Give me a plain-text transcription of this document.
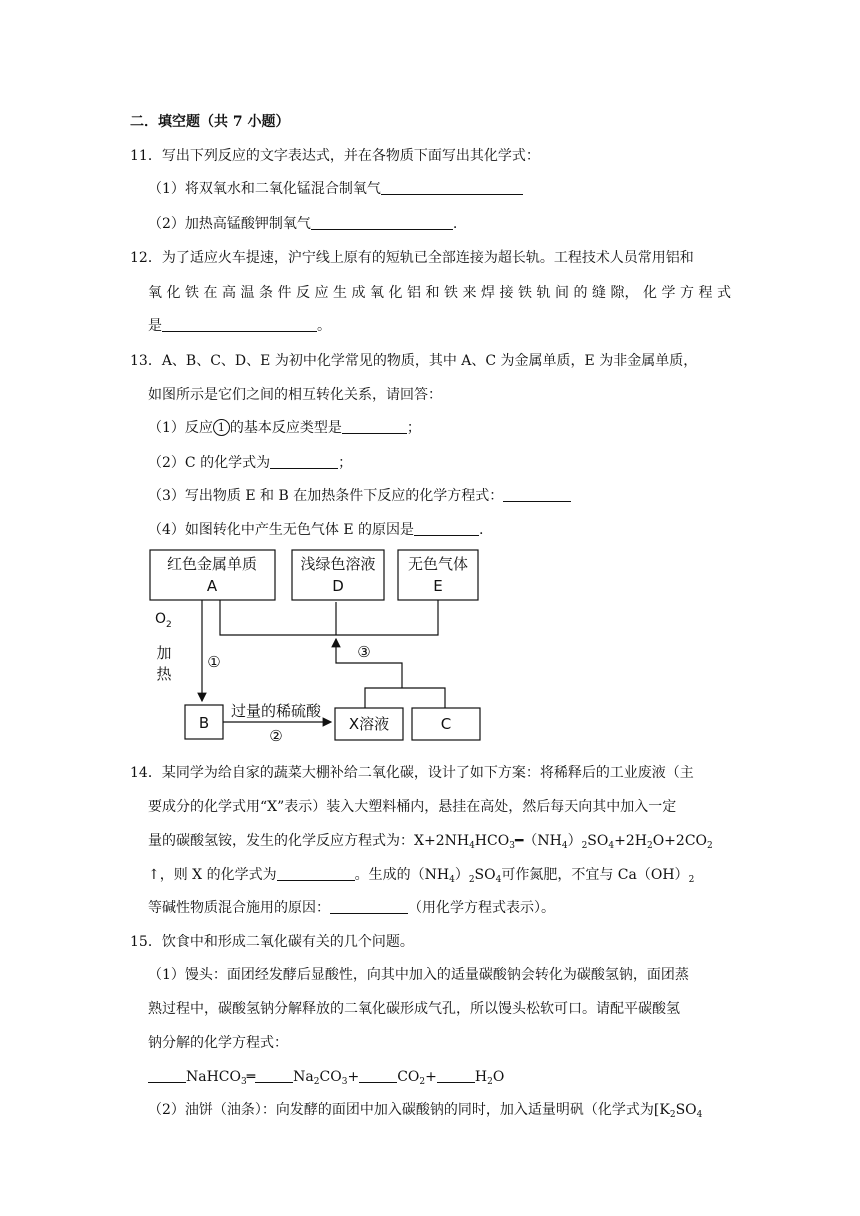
二．填空题（共 7 小题）
11．写出下列反应的文字表达式，并在各物质下面写出其化学式：
（1）将双氧水和二氧化锰混合制氧气
（2）加热高锰酸钾制氧气	.
12．为了适应火车提速，沪宁线上原有的短轨已全部连接为超长轨。工程技术人员常用铝和
氧 化 铁 在 高 温 条 件 反 应 生 成 氧 化 铝 和 铁 来 焊 接 铁 轨 间 的 缝 隙， 化 学 方 程 式
是	。
13．A、B、C、D、E 为初中化学常见的物质，其中 A、C 为金属单质，E 为非金属单质，
如图所示是它们之间的相互转化关系，请回答：
（1）反应 1 的基本反应类型是	；
（2）C 的化学式为	；
（3）写出物质 E 和 B 在加热条件下反应的化学方程式：
（4）如图转化中产生无色气体 E 的原因是	.
红色金属单质
A
浅绿色溶液
D
无色气体
E
B	X溶液	C
过量的稀硫酸
加
热
①
②
③
$O_2$
14．某同学为给自家的蔬菜大棚补给二氧化碳，设计了如下方案：将稀释后的工业废液（主
要成分的化学式用“X”表示）装入大塑料桶内，悬挂在高处，然后每天向其中加入一定
量的碳酸氢铵，发生的化学反应方程式为：$X+2NH_4HCO_3━(NH_4)_2SO_4+2H_2O+2CO_2$
↑，则 X 的化学式为	。生成的$(NH_4)_2SO_4$可作氮肥，不宜与 $Ca(OH)_2$
等碱性物质混合施用的原因：	（用化学方程式表示）。
15．饮食中和形成二氧化碳有关的几个问题。
（1）馒头：面团经发酵后显酸性，向其中加入的适量碳酸钠会转化为碳酸氢钠，面团蒸
熟过程中，碳酸氢钠分解释放的二氧化碳形成气孔，所以馒头松软可口。请配平碳酸氢
钠分解的化学方程式：
NaHCO$_3$═	$Na_2CO_3+$	$CO_2+$	$H_2O$
（2）油饼（油条）：向发酵的面团中加入碳酸钠的同时，加入适量明矾（化学式为[$K_2SO_4$
